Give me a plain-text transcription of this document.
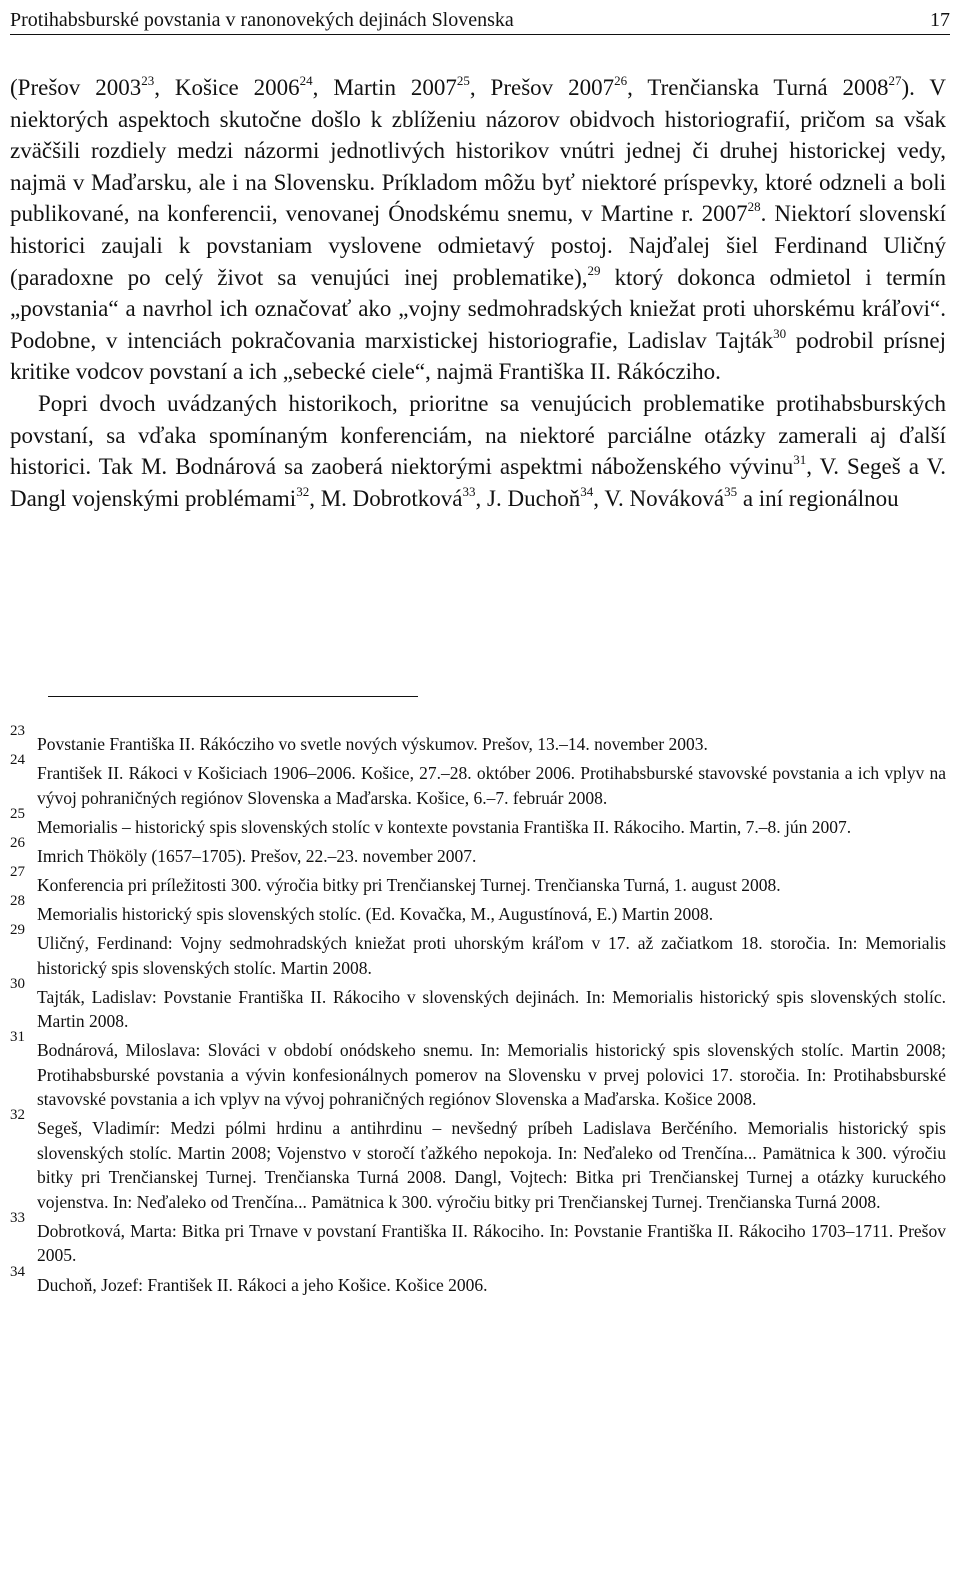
Protihabsburské povstania v ranonovekých dejinách Slovenska	17

(Prešov 2003$^{23}$, Košice 2006$^{24}$, Martin 2007$^{25}$, Prešov 2007$^{26}$, Trenčianska Turná 2008$^{27}$). V niektorých aspektoch skutočne došlo k zblíženiu názorov obidvoch historiografií, pričom sa však zväčšili rozdiely medzi názormi jednotlivých historikov vnútri jednej či druhej historickej vedy, najmä v Maďarsku, ale i na Slovensku. Príkladom môžu byť niektoré príspevky, ktoré odzneli a boli publikované, na konferencii, venovanej Ónodskému snemu, v Martine r. 2007$^{28}$. Niektorí slovenskí historici zaujali k povstaniam vyslovene odmietavý postoj. Najďalej šiel Ferdinand Uličný (paradoxne po celý život sa venujúci inej problematike),$^{29}$ ktorý dokonca odmietol i termín „povstania“ a navrhol ich označovať ako „vojny sedmohradských kniežat proti uhorskému kráľovi“. Podobne, v intenciách pokračovania marxistickej historiografie, Ladislav Tajták$^{30}$ podrobil prísnej kritike vodcov povstaní a ich „sebecké ciele“, najmä Františka II. Rákócziho.

Popri dvoch uvádzaných historikoch, prioritne sa venujúcich problematike protihabsburských povstaní, sa vďaka spomínaným konferenciám, na niektoré parciálne otázky zamerali aj ďalší historici. Tak M. Bodnárová sa zaoberá niektorými aspektmi náboženského vývinu$^{31}$, V. Segeš a V. Dangl vojenskými problémami$^{32}$, M. Dobrotková$^{33}$, J. Duchoň$^{34}$, V. Nováková$^{35}$ a iní regionálnou

23
Povstanie Františka II. Rákócziho vo svetle nových výskumov. Prešov, 13.–14. november 2003.
24
František II. Rákoci v Košiciach 1906–2006. Košice, 27.–28. október 2006. Protihabsburské stavovské povstania a ich vplyv na vývoj pohraničných regiónov Slovenska a Maďarska. Košice, 6.–7. február 2008.
25
Memorialis – historický spis slovenských stolíc v kontexte povstania Františka II. Rákociho. Martin, 7.–8. jún 2007.
26
Imrich Thököly (1657–1705). Prešov, 22.–23. november 2007.
27
Konferencia pri príležitosti 300. výročia bitky pri Trenčianskej Turnej. Trenčianska Turná, 1. august 2008.
28
Memorialis historický spis slovenských stolíc. (Ed. Kovačka, M., Augustínová, E.) Martin 2008.
29
Uličný, Ferdinand: Vojny sedmohradských kniežat proti uhorským kráľom v 17. až začiatkom 18. storočia. In: Memorialis historický spis slovenských stolíc. Martin 2008.
30
Tajták, Ladislav: Povstanie Františka II. Rákociho v slovenských dejinách. In: Memorialis historický spis slovenských stolíc. Martin 2008.
31
Bodnárová, Miloslava: Slováci v období onódskeho snemu. In: Memorialis historický spis slovenských stolíc. Martin 2008; Protihabsburské povstania a vývin konfesionálnych pomerov na Slovensku v prvej polovici 17. storočia. In: Protihabsburské stavovské povstania a ich vplyv na vývoj pohraničných regiónov Slovenska a Maďarska. Košice 2008.
32
Segeš, Vladimír: Medzi pólmi hrdinu a antihrdinu – nevšedný príbeh Ladislava Berčéního. Memorialis historický spis slovenských stolíc. Martin 2008; Vojenstvo v storočí ťažkého nepokoja. In: Neďaleko od Trenčína... Pamätnica k 300. výročiu bitky pri Trenčianskej Turnej. Trenčianska Turná 2008. Dangl, Vojtech: Bitka pri Trenčianskej Turnej a otázky kuruckého vojenstva. In: Neďaleko od Trenčína... Pamätnica k 300. výročiu bitky pri Trenčianskej Turnej. Trenčianska Turná 2008.
33
Dobrotková, Marta: Bitka pri Trnave v povstaní Františka II. Rákociho. In: Povstanie Františka II. Rákociho 1703–1711. Prešov 2005.
34
Duchoň, Jozef: František II. Rákoci a jeho Košice. Košice 2006.
